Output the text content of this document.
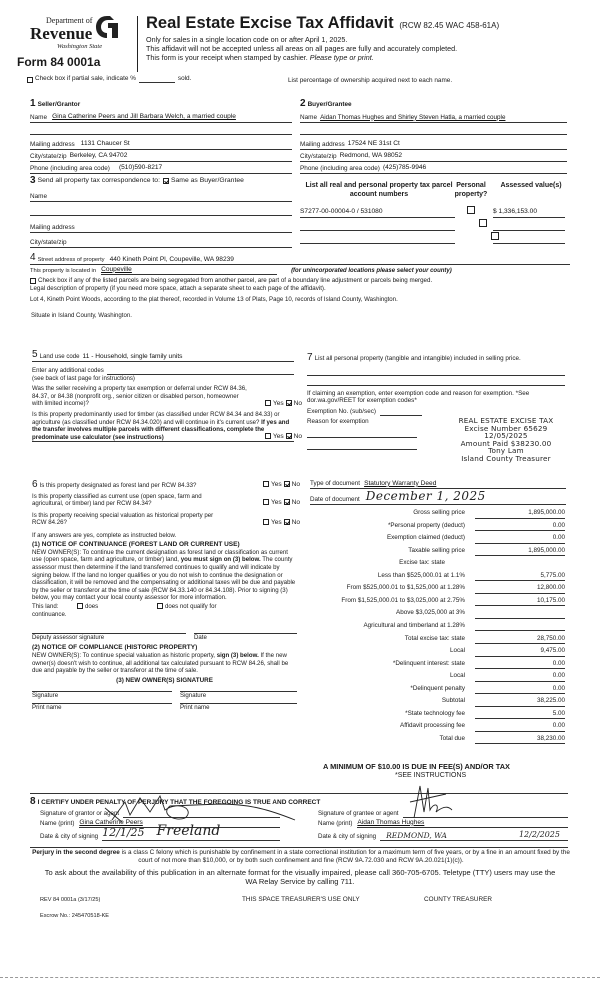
Department of
Revenue
Washington State
Form 84 0001a
Real Estate Excise Tax Affidavit (RCW 82.45 WAC 458-61A)
Only for sales in a single location code on or after April 1, 2025.
This affidavit will not be accepted unless all areas on all pages are fully and accurately completed.
This form is your receipt when stamped by cashier. Please type or print.
Check box if partial sale, indicate %	sold.	List percentage of ownership acquired next to each name.
1 Seller/Grantor
Name Gina Catherine Peers and Jill Barbara Welch, a married couple
Mailing address 1131 Chaucer St
City/state/zip Berkeley, CA 94702
Phone (including area code) (510)590-8217
3 Send all property tax correspondence to: Same as Buyer/Grantee
Name
Mailing address
City/state/zip
2 Buyer/Grantee
Name Aidan Thomas Hughes and Shirley Steven Hatla, a married couple
Mailing address 17524 NE 31st Ct
City/state/zip Redmond, WA 98052
Phone (including area code) (425)785-9946
List all real and personal property tax parcel account numbers
Personal property?
Assessed value(s)
S7277-00-00004-0 / 531080
	$ 1,336,153.00

4 Street address of property 440 Kineth Point Pl, Coupeville, WA 98239
This property is located in Coupeville	(for unincorporated locations please select your county)
Check box if any of the listed parcels are being segregated from another parcel, are part of a boundary line adjustment or parcels being merged.
Legal description of property (if you need more space, attach a separate sheet to each page of the affidavit).
Lot 4, Kineth Point Woods, according to the plat thereof, recorded in Volume 13 of Plats, Page 10, records of Island County, Washington.
Situate in Island County, Washington.
5 Land use code 11 - Household, single family units
Enter any additional codes
(see back of last page for instructions)
Was the seller receiving a property tax exemption or deferral under RCW 84.36, 84.37, or 84.38 (nonprofit org., senior citizen or disabled person, homeowner with limited income)?	Yes No
Is this property predominantly used for timber (as classified under RCW 84.34 and 84.33) or agriculture (as classified under RCW 84.34.020) and will continue in it's current use? If yes and the transfer involves multiple parcels with different classifications, complete the predominate use calculator (see instructions)	Yes No
6 Is this property designated as forest land per RCW 84.33?	Yes No
Is this property classified as current use (open space, farm and agricultural, or timber) land per RCW 84.34?	Yes No
Is this property receiving special valuation as historical property per RCW 84.26?	Yes No
If any answers are yes, complete as instructed below.
(1) NOTICE OF CONTINUANCE (FOREST LAND OR CURRENT USE)
NEW OWNER(S): To continue the current designation as forest land or classification as current use (open space, farm and agriculture, or timber) land, you must sign on (3) below. The county assessor must then determine if the land transferred continues to qualify and will indicate by signing below. If the land no longer qualifies or you do not wish to continue the designation or classification, it will be removed and the compensating or additional taxes will be due and payable by the seller or transferor at the time of sale (RCW 84.33.140 or 84.34.108). Prior to signing (3) below, you may contact your local county assessor for more information.
This land:	does	does not qualify for
continuance.
Deputy assessor signature	Date
(2) NOTICE OF COMPLIANCE (HISTORIC PROPERTY)
NEW OWNER(S): To continue special valuation as historic property, sign (3) below. If the new owner(s) doesn't wish to continue, all additional tax calculated pursuant to RCW 84.26, shall be due and payable by the seller or transferor at the time of sale.
(3) NEW OWNER(S) SIGNATURE
Signature	Signature
Print name	Print name
7 List all personal property (tangible and intangible) included in selling price.
If claiming an exemption, enter exemption code and reason for exemption. *See dor.wa.gov/REET for exemption codes*
Exemption No. (sub/sec)
Reason for exemption	REAL ESTATE EXCISE TAX
Excise Number 65629
12/05/2025
Amount Paid $38230.00
Tony Lam
Island County Treasurer
Type of document Statutory Warranty Deed
Date of document December 1, 2025
Gross selling price	1,895,000.00
*Personal property (deduct)	0.00
Exemption claimed (deduct)	0.00
Taxable selling price	1,895,000.00
Excise tax: state
Less than $525,000.01 at 1.1%	5,775.00
From $525,000.01 to $1,525,000 at 1.28%	12,800.00
From $1,525,000.01 to $3,025,000 at 2.75%	10,175.00
Above $3,025,000 at 3%
Agricultural and timberland at 1.28%
Total excise tax: state	28,750.00
Local	9,475.00
*Delinquent interest: state	0.00
Local	0.00
*Delinquent penalty	0.00
Subtotal	38,225.00
*State technology fee	5.00
Affidavit processing fee	0.00
Total due	38,230.00
A MINIMUM OF $10.00 IS DUE IN FEE(S) AND/OR TAX
*SEE INSTRUCTIONS
8 I CERTIFY UNDER PENALTY OF PERJURY THAT THE FOREGOING IS TRUE AND CORRECT
Signature of grantor or agent
Name (print) Gina Catherine Peers
Date & city of signing 12/1/25 Freeland
Signature of grantee or agent
Name (print) Aidan Thomas Hughes
Date & city of signing REDMOND, WA	12/2/2025
Perjury in the second degree is a class C felony which is punishable by confinement in a state correctional institution for a maximum term of five years, or by a fine in an amount fixed by the court of not more than $10,000, or by both such confinement and fine (RCW 9A.72.030 and RCW 9A.20.021(1)(c)).
To ask about the availability of this publication in an alternate format for the visually impaired, please call 360-705-6705. Teletype (TTY) users may use the WA Relay Service by calling 711.
REV 84 0001a (3/17/25)	THIS SPACE TREASURER'S USE ONLY	COUNTY TREASURER
Escrow No.: 245470518-KE
